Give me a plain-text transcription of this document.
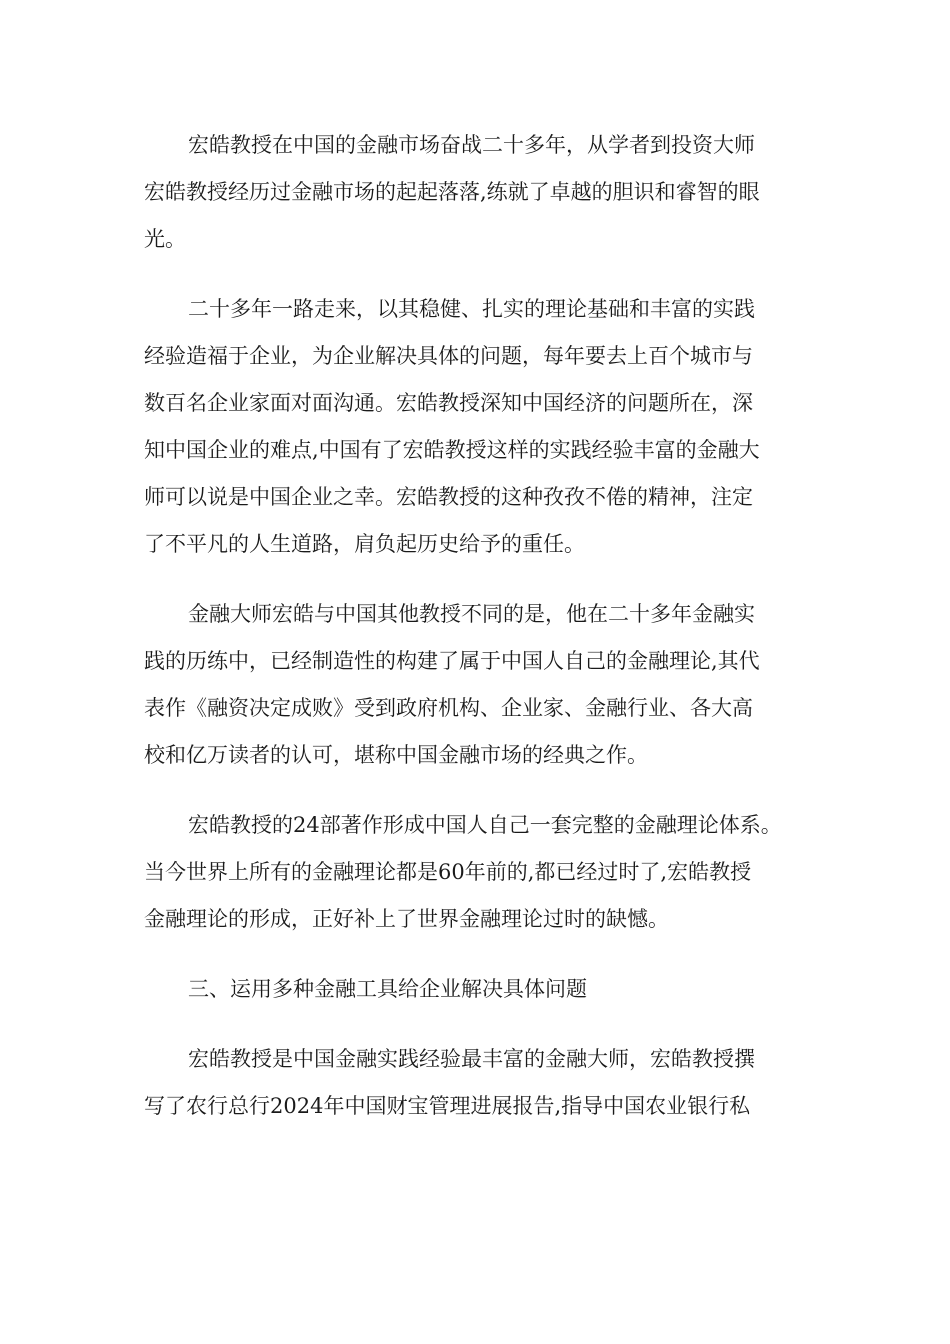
宏皓教授在中国的金融市场奋战二十多年，从学者到投资大师
宏皓教授经历过金融市场的起起落落,练就了卓越的胆识和睿智的眼
光。

二十多年一路走来，以其稳健、扎实的理论基础和丰富的实践
经验造福于企业，为企业解决具体的问题，每年要去上百个城市与
数百名企业家面对面沟通。宏皓教授深知中国经济的问题所在，深
知中国企业的难点,中国有了宏皓教授这样的实践经验丰富的金融大
师可以说是中国企业之幸。宏皓教授的这种孜孜不倦的精神，注定
了不平凡的人生道路，肩负起历史给予的重任。

金融大师宏皓与中国其他教授不同的是，他在二十多年金融实
践的历练中，已经制造性的构建了属于中国人自己的金融理论,其代
表作《融资决定成败》受到政府机构、企业家、金融行业、各大高
校和亿万读者的认可，堪称中国金融市场的经典之作。

宏皓教授的24部著作形成中国人自己一套完整的金融理论体系。
当今世界上所有的金融理论都是60年前的,都已经过时了,宏皓教授
金融理论的形成，正好补上了世界金融理论过时的缺憾。

三、运用多种金融工具给企业解决具体问题

宏皓教授是中国金融实践经验最丰富的金融大师，宏皓教授撰
写了农行总行2024年中国财宝管理进展报告,指导中国农业银行私
